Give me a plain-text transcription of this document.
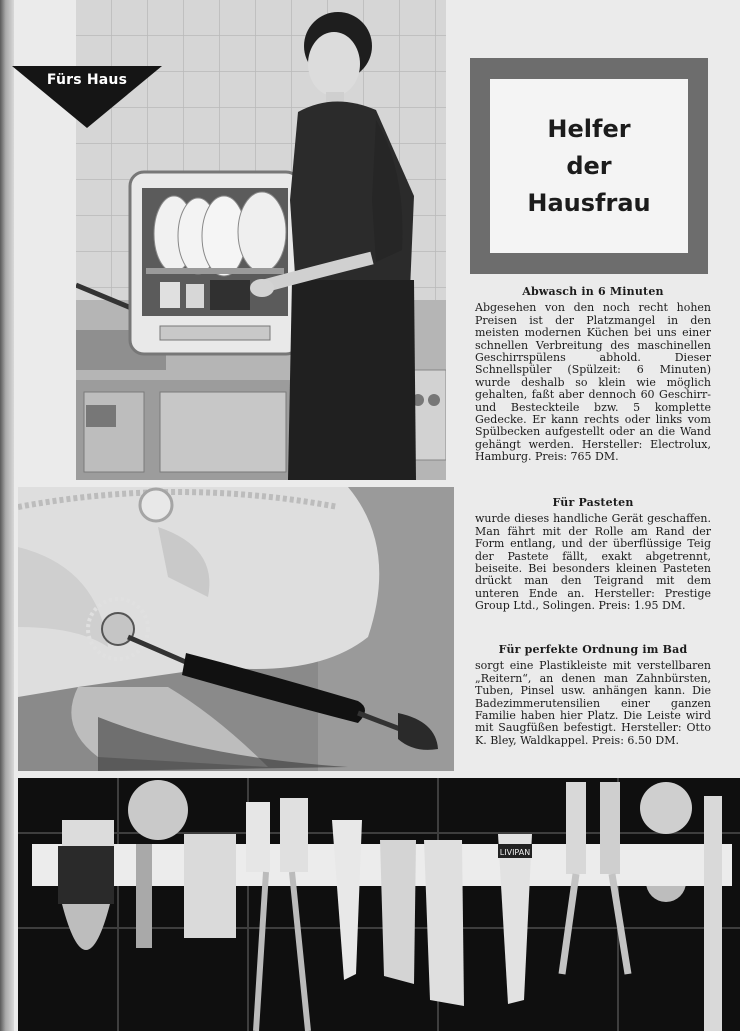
Fürs Haus
Helfer
der
Hausfrau
Abwasch in 6 Minuten

Abgesehen von den noch recht hohen Preisen ist der Platzmangel in den meisten modernen Küchen bei uns einer schnellen Verbreitung des maschinellen Geschirrspülens abhold. Dieser Schnellspüler (Spülzeit: 6 Minuten) wurde deshalb so klein wie möglich gehalten, faßt aber dennoch 60 Geschirr- und Besteckteile bzw. 5 komplette Gedecke. Er kann rechts oder links vom Spülbecken aufgestellt oder an die Wand gehängt werden. Hersteller: Electrolux, Hamburg. Preis: 765 DM.

Für Pasteten

wurde dieses handliche Gerät geschaffen. Man fährt mit der Rolle am Rand der Form entlang, und der überflüssige Teig der Pastete fällt, exakt abgetrennt, beiseite. Bei besonders kleinen Pasteten drückt man den Teigrand mit dem unteren Ende an. Hersteller: Prestige Group Ltd., Solingen. Preis: 1.95 DM.

Für perfekte Ordnung im Bad

sorgt eine Plastikleiste mit verstellbaren „Reitern“, an denen man Zahnbürsten, Tuben, Pinsel usw. anhängen kann. Die Badezimmerutensilien einer ganzen Familie haben hier Platz. Die Leiste wird mit Saugfüßen befestigt. Hersteller: Otto K. Bley, Waldkappel. Preis: 6.50 DM.

LIVIPAN
